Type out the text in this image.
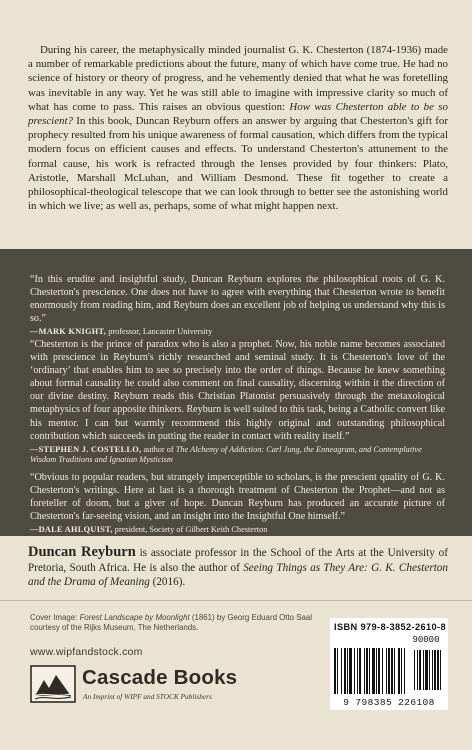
During his career, the metaphysically minded journalist G. K. Chesterton (1874-1936) made a number of remarkable predictions about the future, many of which have come true. He had no science of history or theory of progress, and he vehemently denied that what he was foretelling was inevitable in any way. Yet he was still able to imagine with impressive clarity so much of what has come to pass. This raises an obvious question: How was Chesterton able to be so prescient? In this book, Duncan Reyburn offers an answer by arguing that Chesterton's gift for prophecy resulted from his unique awareness of formal causation, which differs from the typical modern focus on efficient causes and effects. To understand Chesterton's attunement to the formal cause, his work is refracted through the lenses provided by four thinkers: Plato, Aristotle, Marshall McLuhan, and William Desmond. These fit together to create a philosophical-theological telescope that we can look through to better see the astonishing world in which we live; as well as, perhaps, some of what might happen next.
“In this erudite and insightful study, Duncan Reyburn explores the philosophical roots of G. K. Chesterton's prescience. One does not have to agree with everything that Chesterton wrote to benefit enormously from reading him, and Reyburn does an excellent job of helping us understand why this is so.”
—MARK KNIGHT, professor, Lancaster University
“Chesterton is the prince of paradox who is also a prophet. Now, his noble name becomes associated with prescience in Reyburn's richly researched and seminal study. It is Chesterton's love of the ‘ordinary’ that enables him to see so precisely into the order of things. Because he knew something about formal causality he could also comment on final causality, discerning within it the direction of our divine destiny. Reyburn reads this Christian Platonist persuasively through the metaxological metaphysics of four apposite thinkers. Reyburn is well suited to this task, being a Catholic convert like his mentor. I can but warmly recommend this highly original and outstanding philosophical contribution which succeeds in putting the reader in contact with reality itself.”
—STEPHEN J. COSTELLO, author of The Alchemy of Addiction: Carl Jung, the Enneagram, and Contemplative Wisdom Traditions and Ignatian Mysticism
“Obvious to popular readers, but strangely imperceptible to scholars, is the prescient quality of G. K. Chesterton's writings. Here at last is a thorough treatment of Chesterton the Prophet—and not as foreteller of doom, but a giver of hope. Duncan Reyburn has produced an accurate picture of Chesterton's far-seeing vision, and an insight into the Insightful One himself.”
—DALE AHLQUIST, president, Society of Gilbert Keith Chesterton
Duncan Reyburn is associate professor in the School of the Arts at the University of Pretoria, South Africa. He is also the author of Seeing Things as They Are: G. K. Chesterton and the Drama of Meaning (2016).
Cover Image: Forest Landscape by Moonlight (1861) by Georg Eduard Otto Saal courtesy of the Rijks Museum, The Netherlands.
www.wipfandstock.com
Cascade Books
An Imprint of WIPF and STOCK Publishers
ISBN 979-8-3852-2610-8
90000
9 798385 226108
